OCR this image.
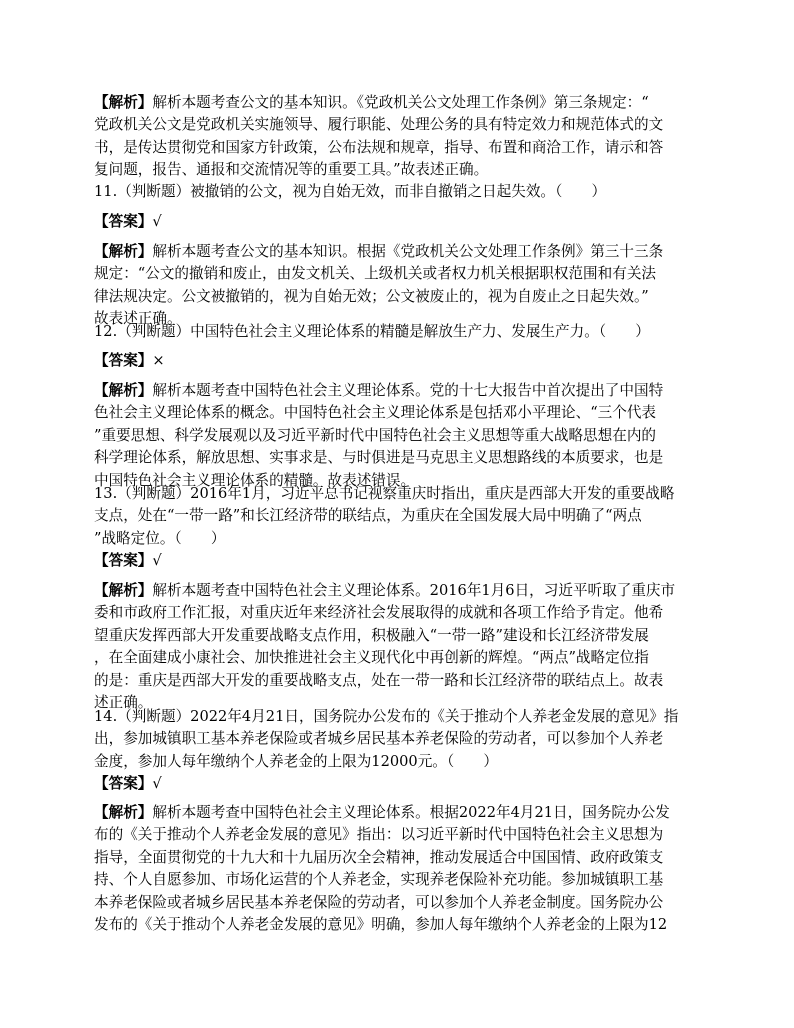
【解析】解析本题考查公文的基本知识。《党政机关公文处理工作条例》第三条规定：“
党政机关公文是党政机关实施领导、履行职能、处理公务的具有特定效力和规范体式的文
书，是传达贯彻党和国家方针政策，公布法规和规章，指导、布置和商洽工作，请示和答
复问题，报告、通报和交流情况等的重要工具。”故表述正确。
11.（判断题）被撤销的公文，视为自始无效，而非自撤销之日起失效。（　　）
【答案】√
【解析】解析本题考查公文的基本知识。根据《党政机关公文处理工作条例》第三十三条
规定：“公文的撤销和废止，由发文机关、上级机关或者权力机关根据职权范围和有关法
律法规决定。公文被撤销的，视为自始无效；公文被废止的，视为自废止之日起失效。”
故表述正确。
12.（判断题）中国特色社会主义理论体系的精髓是解放生产力、发展生产力。（　　）
【答案】×
【解析】解析本题考查中国特色社会主义理论体系。党的十七大报告中首次提出了中国特
色社会主义理论体系的概念。中国特色社会主义理论体系是包括邓小平理论、“三个代表
”重要思想、科学发展观以及习近平新时代中国特色社会主义思想等重大战略思想在内的
科学理论体系，解放思想、实事求是、与时俱进是马克思主义思想路线的本质要求，也是
中国特色社会主义理论体系的精髓。故表述错误。
13.（判断题）2016年1月，习近平总书记视察重庆时指出，重庆是西部大开发的重要战略
支点，处在“一带一路”和长江经济带的联结点，为重庆在全国发展大局中明确了“两点
”战略定位。（　　）
【答案】√
【解析】解析本题考查中国特色社会主义理论体系。2016年1月6日，习近平听取了重庆市
委和市政府工作汇报，对重庆近年来经济社会发展取得的成就和各项工作给予肯定。他希
望重庆发挥西部大开发重要战略支点作用，积极融入“一带一路”建设和长江经济带发展
，在全面建成小康社会、加快推进社会主义现代化中再创新的辉煌。“两点”战略定位指
的是：重庆是西部大开发的重要战略支点，处在一带一路和长江经济带的联结点上。故表
述正确。
14.（判断题）2022年4月21日，国务院办公发布的《关于推动个人养老金发展的意见》指
出，参加城镇职工基本养老保险或者城乡居民基本养老保险的劳动者，可以参加个人养老
金度，参加人每年缴纳个人养老金的上限为12000元。（　　）
【答案】√
【解析】解析本题考查中国特色社会主义理论体系。根据2022年4月21日，国务院办公发
布的《关于推动个人养老金发展的意见》指出：以习近平新时代中国特色社会主义思想为
指导，全面贯彻党的十九大和十九届历次全会精神，推动发展适合中国国情、政府政策支
持、个人自愿参加、市场化运营的个人养老金，实现养老保险补充功能。参加城镇职工基
本养老保险或者城乡居民基本养老保险的劳动者，可以参加个人养老金制度。国务院办公
发布的《关于推动个人养老金发展的意见》明确，参加人每年缴纳个人养老金的上限为12
